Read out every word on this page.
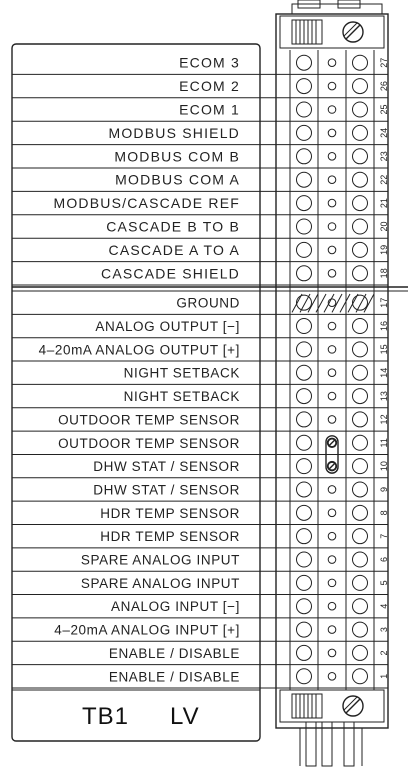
ECOM 3	27
ECOM 2	26
ECOM 1	25
MODBUS SHIELD	24
MODBUS COM B	23
MODBUS COM A	22
MODBUS/CASCADE REF	21
CASCADE B TO B	20
CASCADE A TO A	19
CASCADE SHIELD	18
GROUND	17
ANALOG OUTPUT [−]	16
4–20mA ANALOG OUTPUT [+]	15
NIGHT SETBACK	14
NIGHT SETBACK	13
OUTDOOR TEMP SENSOR	12
OUTDOOR TEMP SENSOR	11
DHW STAT / SENSOR	10
DHW STAT / SENSOR	9
HDR TEMP SENSOR	8
HDR TEMP SENSOR	7
SPARE ANALOG INPUT	6
SPARE ANALOG INPUT	5
ANALOG INPUT [−]	4
4–20mA ANALOG INPUT [+]	3
ENABLE / DISABLE	2
ENABLE / DISABLE	1
TB1 LV
